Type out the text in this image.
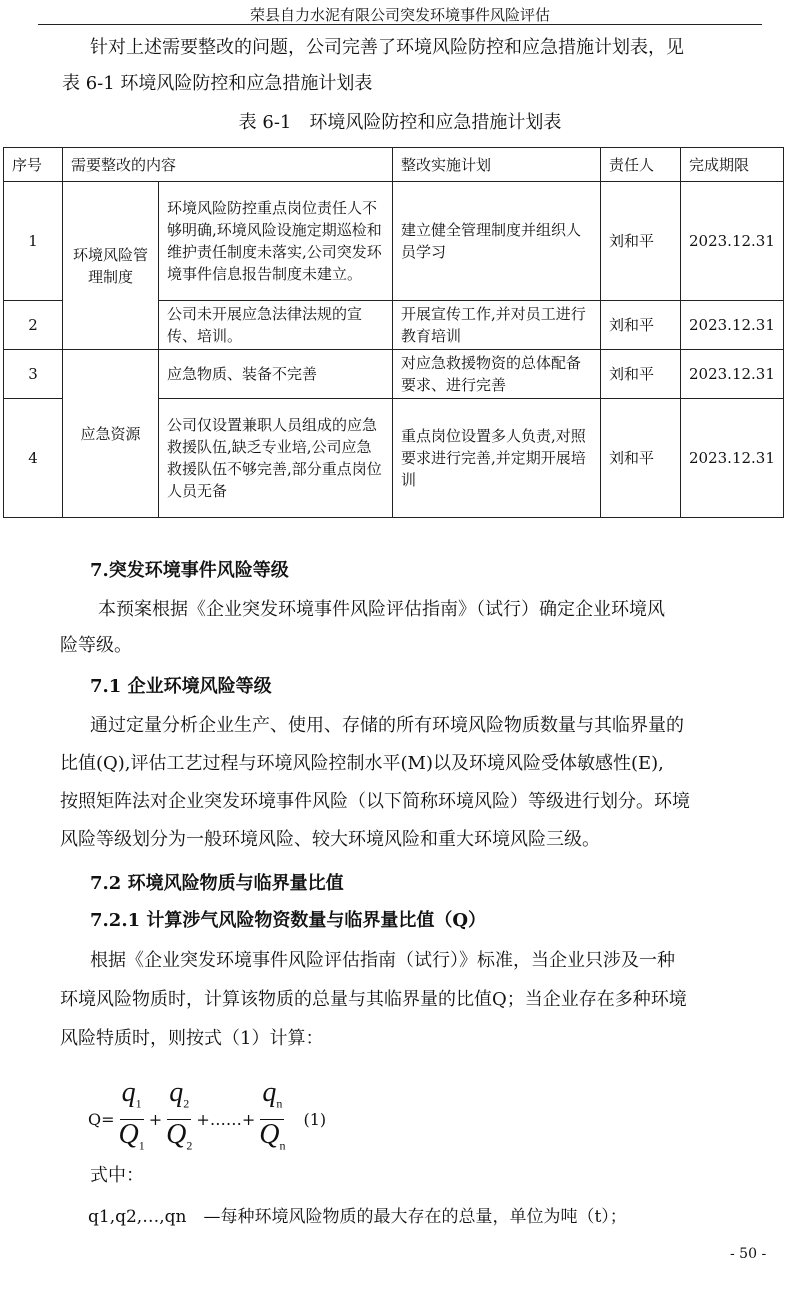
荣县自力水泥有限公司突发环境事件风险评估
针对上述需要整改的问题，公司完善了环境风险防控和应急措施计划表，见
表 6-1 环境风险防控和应急措施计划表
表 6-1　环境风险防控和应急措施计划表
序号	需要整改的内容		整改实施计划	责任人	完成期限
1	环境风险管理制度	环境风险防控重点岗位责任人不够明确,环境风险设施定期巡检和维护责任制度未落实,公司突发环境事件信息报告制度未建立。	建立健全管理制度并组织人员学习	刘和平	2023.12.31
2		公司未开展应急法律法规的宣传、培训。	开展宣传工作,并对员工进行教育培训	刘和平	2023.12.31
3	应急资源	应急物质、装备不完善	对应急救援物资的总体配备要求、进行完善	刘和平	2023.12.31
4		公司仅设置兼职人员组成的应急救援队伍,缺乏专业培,公司应急救援队伍不够完善,部分重点岗位人员无备	重点岗位设置多人负责,对照要求进行完善,并定期开展培训	刘和平	2023.12.31
7.突发环境事件风险等级
本预案根据《企业突发环境事件风险评估指南》（试行）确定企业环境风
险等级。
7.1 企业环境风险等级
通过定量分析企业生产、使用、存储的所有环境风险物质数量与其临界量的
比值(Q),评估工艺过程与环境风险控制水平(M)以及环境风险受体敏感性(E),
按照矩阵法对企业突发环境事件风险（以下简称环境风险）等级进行划分。环境
风险等级划分为一般环境风险、较大环境风险和重大环境风险三级。
7.2 环境风险物质与临界量比值
7.2.1 计算涉气风险物资数量与临界量比值（Q）
根据《企业突发环境事件风险评估指南（试行）》标准，当企业只涉及一种
环境风险物质时，计算该物质的总量与其临界量的比值Q；当企业存在多种环境
风险特质时，则按式（1）计算：
$Q= \frac{q_1}{Q_1} + \frac{q_2}{Q_2}$ +……+ $\frac{q_n}{Q_n} (1)$
式中：
q1,q2,…,qn　—每种环境风险物质的最大存在的总量，单位为吨（t）；
- 50 -
